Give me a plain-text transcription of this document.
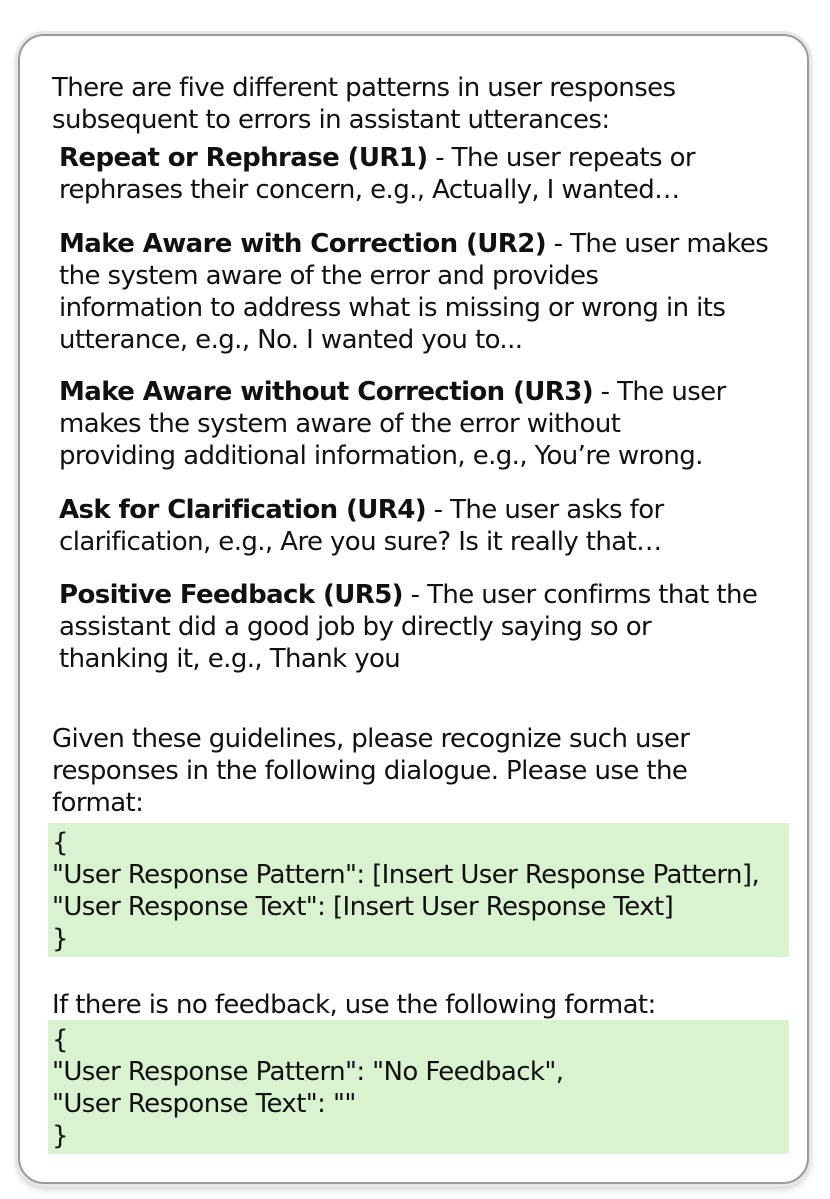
There are five different patterns in user responses
subsequent to errors in assistant utterances:
Repeat or Rephrase (UR1) - The user repeats or
rephrases their concern, e.g., Actually, I wanted…
Make Aware with Correction (UR2) - The user makes
the system aware of the error and provides
information to address what is missing or wrong in its
utterance, e.g., No. I wanted you to...
Make Aware without Correction (UR3) - The user
makes the system aware of the error without
providing additional information, e.g., You’re wrong.
Ask for Clarification (UR4) - The user asks for
clarification, e.g., Are you sure? Is it really that…
Positive Feedback (UR5) - The user confirms that the
assistant did a good job by directly saying so or
thanking it, e.g., Thank you
Given these guidelines, please recognize such user
responses in the following dialogue. Please use the
format:
{
"User Response Pattern": [Insert User Response Pattern],
"User Response Text": [Insert User Response Text]
}
If there is no feedback, use the following format:
{
"User Response Pattern": "No Feedback",
"User Response Text": ""
}
